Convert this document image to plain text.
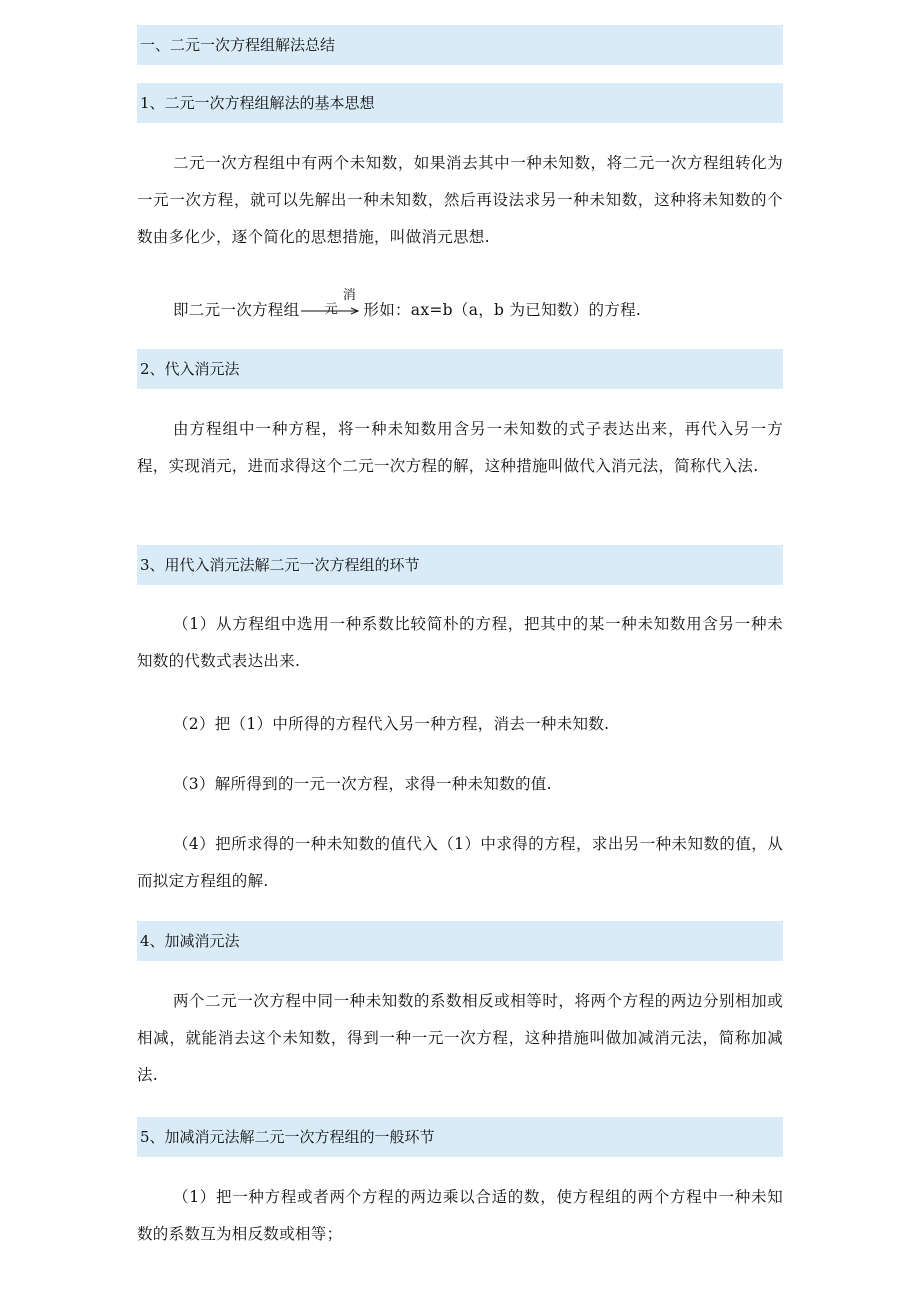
一、二元一次方程组解法总结
1、二元一次方程组解法的基本思想
二元一次方程组中有两个未知数，如果消去其中一种未知数，将二元一次方程组转化为一元一次方程，就可以先解出一种未知数，然后再设法求另一种未知数，这种将未知数的个数由多化少，逐个简化的思想措施，叫做消元思想.
即二元一次方程组
消元	形如：ax=b（a，b 为已知数）的方程.
2、代入消元法
由方程组中一种方程，将一种未知数用含另一未知数的式子表达出来，再代入另一方程，实现消元，进而求得这个二元一次方程的解，这种措施叫做代入消元法，简称代入法.
3、用代入消元法解二元一次方程组的环节
（1）从方程组中选用一种系数比较简朴的方程，把其中的某一种未知数用含另一种未知数的代数式表达出来.
（2）把（1）中所得的方程代入另一种方程，消去一种未知数.
（3）解所得到的一元一次方程，求得一种未知数的值.
（4）把所求得的一种未知数的值代入（1）中求得的方程，求出另一种未知数的值，从而拟定方程组的解.
4、加减消元法
两个二元一次方程中同一种未知数的系数相反或相等时，将两个方程的两边分别相加或相减，就能消去这个未知数，得到一种一元一次方程，这种措施叫做加减消元法，简称加减法.
5、加减消元法解二元一次方程组的一般环节
（1）把一种方程或者两个方程的两边乘以合适的数，使方程组的两个方程中一种未知数的系数互为相反数或相等；
